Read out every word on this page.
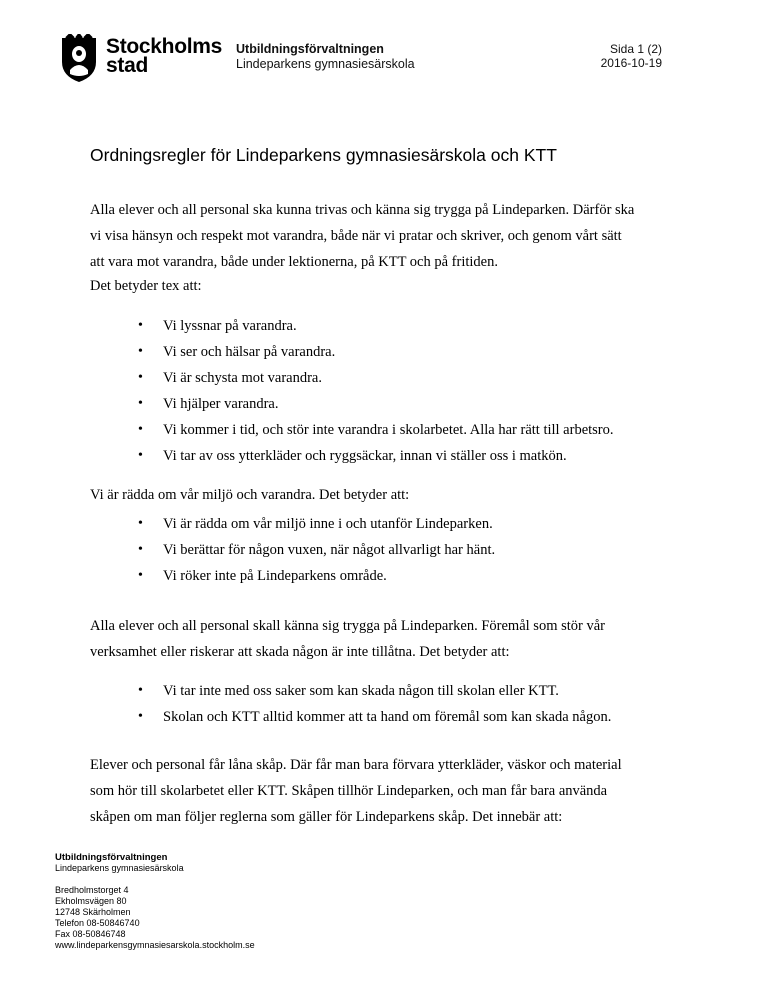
Stockholms
stad
Utbildningsförvaltningen
Lindeparkens gymnasiesärskola
Sida 1 (2)
2016-10-19
Ordningsregler för Lindeparkens gymnasiesärskola och KTT
Alla elever och all personal ska kunna trivas och känna sig trygga på Lindeparken. Därför ska
vi visa hänsyn och respekt mot varandra, både när vi pratar och skriver, och genom vårt sätt
att vara mot varandra, både under lektionerna, på KTT och på fritiden.
Det betyder tex att:
• Vi lyssnar på varandra.
• Vi ser och hälsar på varandra.
• Vi är schysta mot varandra.
• Vi hjälper varandra.
• Vi kommer i tid, och stör inte varandra i skolarbetet. Alla har rätt till arbetsro.
• Vi tar av oss ytterkläder och ryggsäckar, innan vi ställer oss i matkön.
Vi är rädda om vår miljö och varandra. Det betyder att:
• Vi är rädda om vår miljö inne i och utanför Lindeparken.
• Vi berättar för någon vuxen, när något allvarligt har hänt.
• Vi röker inte på Lindeparkens område.
Alla elever och all personal skall känna sig trygga på Lindeparken. Föremål som stör vår
verksamhet eller riskerar att skada någon är inte tillåtna. Det betyder att:
• Vi tar inte med oss saker som kan skada någon till skolan eller KTT.
• Skolan och KTT alltid kommer att ta hand om föremål som kan skada någon.
Elever och personal får låna skåp. Där får man bara förvara ytterkläder, väskor och material
som hör till skolarbetet eller KTT. Skåpen tillhör Lindeparken, och man får bara använda
skåpen om man följer reglerna som gäller för Lindeparkens skåp. Det innebär att:
Utbildningsförvaltningen
Lindeparkens gymnasiesärskola
Bredholmstorget 4
Ekholmsvägen 80
12748 Skärholmen
Telefon 08-50846740
Fax 08-50846748
www.lindeparkensgymnasiesarskola.stockholm.se
